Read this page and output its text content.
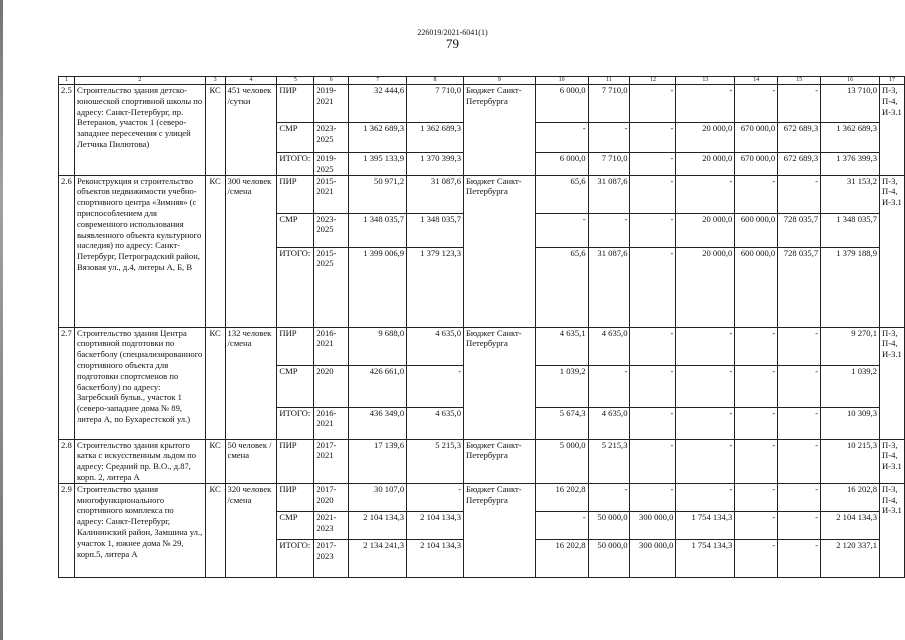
226019/2021-6041(1)
79
1	2	3	4	5	6	7	8	9	10	11	12	13	14	15	16	17
2.5	Строительство здания детско-юношеской спортивной школы по адресу: Санкт-Петербург, пр. Ветеранов, участок 1 (северо-западнее пересечения с улицей Летчика Пилютова)	КС	451 человек /сутки	ПИР	2019-2021	32 444,6	7 710,0	Бюджет Санкт-Петербурга	6 000,0	7 710,0	-	-	-	-	13 710,0	П-3, П-4, И-3.1
				СМР	2023-2025	1 362 689,3	1 362 689,3		-	-	-	20 000,0	670 000,0	672 689,3	1 362 689,3	
				ИТОГО:	2019-2025	1 395 133,9	1 370 399,3		6 000,0	7 710,0	-	20 000,0	670 000,0	672 689,3	1 376 399,3	
2.6	Реконструкция и строительство объектов недвижимости учебно-спортивного центра «Зимняя» (с приспособлением для современного использования выявленного объекта культурного наследия) по адресу: Санкт-Петербург, Петроградский район, Вязовая ул., д.4, литеры А, Б, В	КС	300 человек /смена	ПИР	2015-2021	50 971,2	31 087,6	Бюджет Санкт-Петербурга	65,6	31 087,6	-	-	-	-	31 153,2	П-3, П-4, И-3.1
				СМР	2023-2025	1 348 035,7	1 348 035,7		-	-	-	20 000,0	600 000,0	728 035,7	1 348 035,7	
				ИТОГО:	2015-2025	1 399 006,9	1 379 123,3		65,6	31 087,6	-	20 000,0	600 000,0	728 035,7	1 379 188,9	
2.7	Строительство здания Центра спортивной подготовки по баскетболу (специализированного спортивного объекта для подготовки спортсменов по баскетболу) по адресу: Загребский бульв., участок 1 (северо-западнее дома № 89, литера А, по Бухарестской ул.)	КС	132 человек /смена	ПИР	2016-2021	9 688,0	4 635,0	Бюджет Санкт-Петербурга	4 635,1	4 635,0	-	-	-	-	9 270,1	П-3, П-4, И-3.1
				СМР	2020	426 661,0	-		1 039,2	-	-	-	-	-	1 039,2	
				ИТОГО:	2016-2021	436 349,0	4 635,0		5 674,3	4 635,0	-	-	-	-	10 309,3	
2.8	Строительство здания крытого катка с искусственным льдом по адресу: Средний пр. В.О., д.87, корп. 2, литера А	КС	50 человек /смена	ПИР	2017-2021	17 139,6	5 215,3	Бюджет Санкт-Петербурга	5 000,0	5 215,3	-	-	-	-	10 215,3	П-3, П-4, И-3.1
2.9	Строительство здания многофункционального спортивного комплекса по адресу: Санкт-Петербург, Калининский район, Замшина ул., участок 1, южнее дома № 29, корп.5, литера А	КС	320 человек /смена	ПИР	2017-2020	30 107,0	-	Бюджет Санкт-Петербурга	16 202,8	-	-	-	-	-	16 202,8	П-3, П-4, И-3.1
				СМР	2021-2023	2 104 134,3	2 104 134,3		-	50 000,0	300 000,0	1 754 134,3	-	-	2 104 134,3	
				ИТОГО:	2017-2023	2 134 241,3	2 104 134,3		16 202,8	50 000,0	300 000,0	1 754 134,3	-	-	2 120 337,1	
